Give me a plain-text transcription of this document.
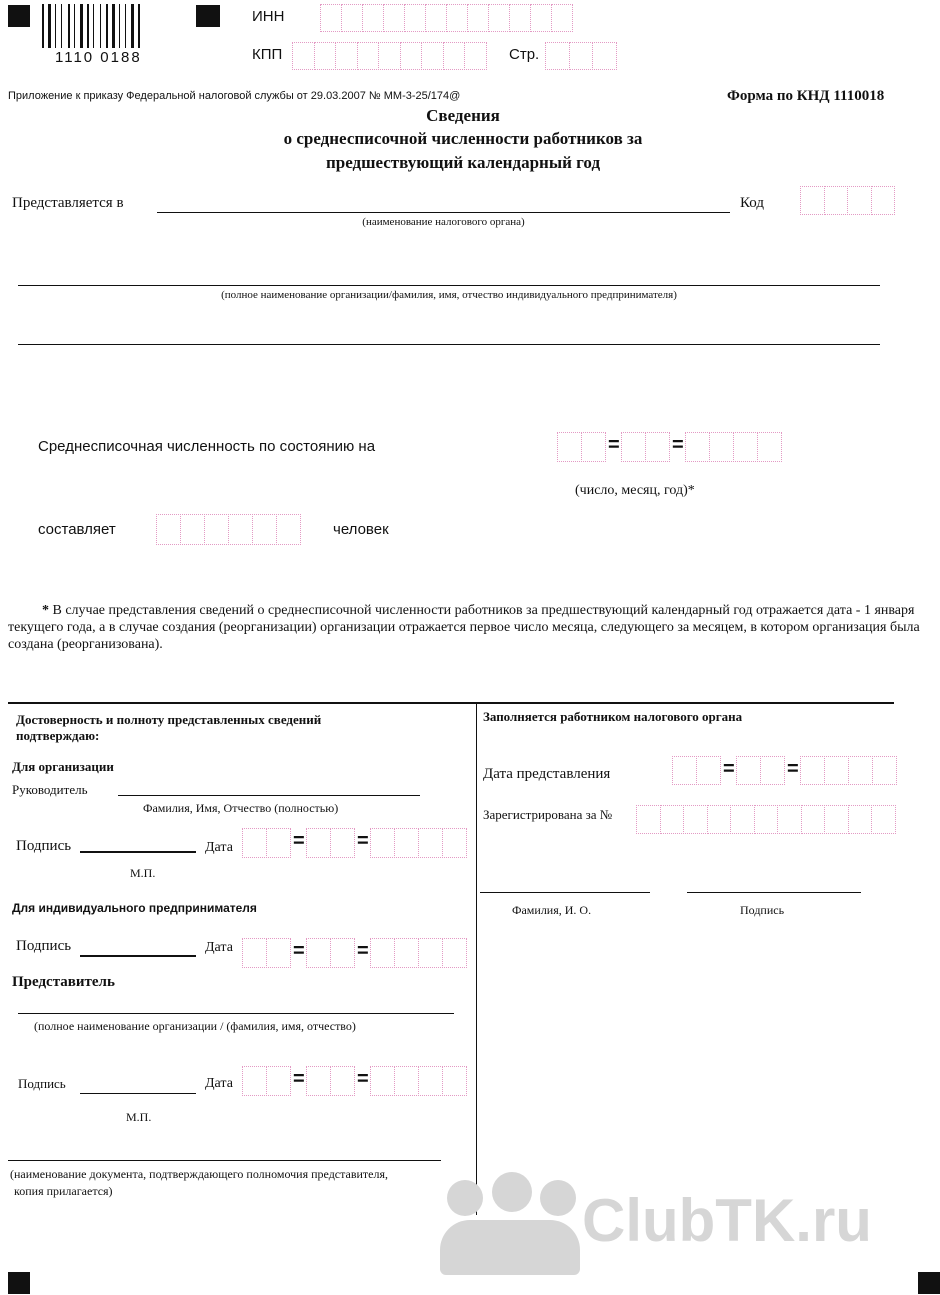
1110 0188
ИНН
КПП	Стр.
Приложение к приказу Федеральной налоговой службы от 29.03.2007 № ММ-3-25/174@	Форма по КНД 1110018
Сведения
о среднесписочной численности работников за
предшествующий календарный год
Представляется в
(наименование налогового органа)
Код
(полное наименование организации/фамилия, имя, отчество индивидуального предпринимателя)
Среднесписочная численность по состоянию на
(число, месяц, год)*
составляет	человек
* В случае представления сведений о среднесписочной численности работников за предшествующий календарный год отражается дата - 1 января текущего года, а в случае создания (реорганизации) организации отражается первое число месяца, следующего за месяцем, в котором организация была создана (реорганизована).
Достоверность и полноту представленных сведений подтверждаю:
Для организации
Руководитель
Фамилия, Имя, Отчество (полностью)
Подпись	Дата
М.П.
Для индивидуального предпринимателя
Подпись	Дата
Представитель
(полное наименование организации / (фамилия, имя, отчество)
Подпись	Дата
М.П.
(наименование документа, подтверждающего полномочия представителя,
копия прилагается)
Заполняется работником налогового органа
Дата представления
Зарегистрирована за №
Фамилия, И. О.	Подпись
ClubTK.ru
=	=
=	=
=	=
=	=
=	=
